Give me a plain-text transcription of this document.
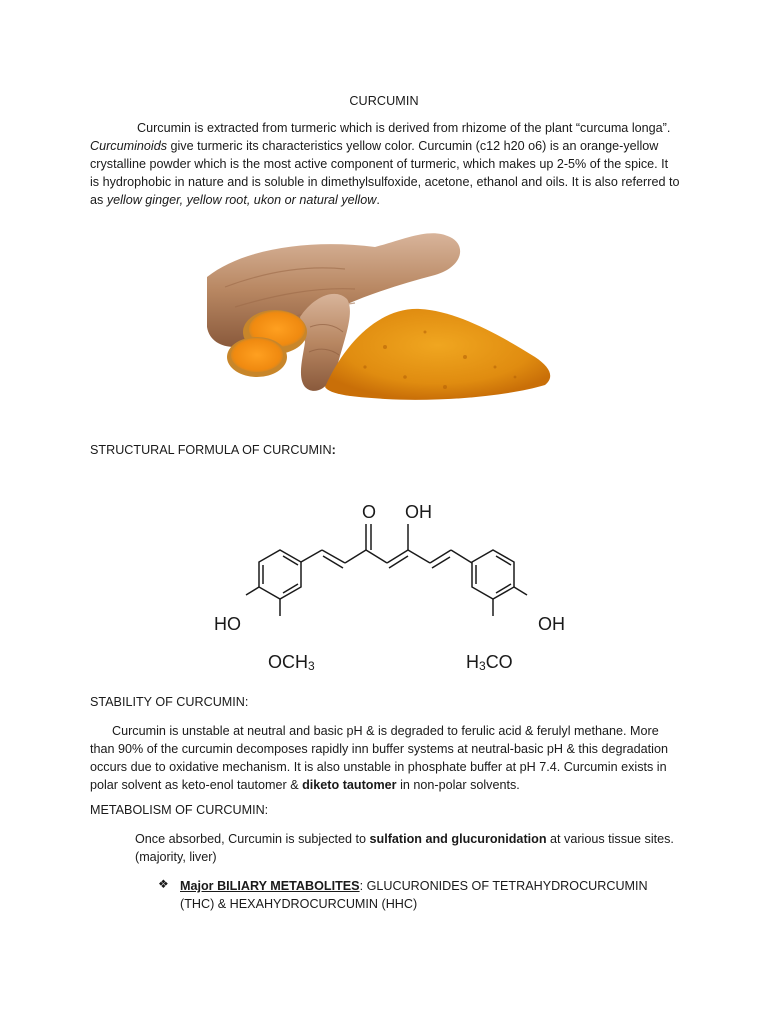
CURCUMIN

Curcumin is extracted from turmeric which is derived from rhizome of the plant “curcuma longa”. Curcuminoids give turmeric its characteristics yellow color. Curcumin (c12 h20 o6) is an orange-yellow crystalline powder which is the most active component of turmeric, which makes up 2-5% of the spice. It is hydrophobic in nature and is soluble in dimethylsulfoxide, acetone, ethanol and oils. It is also referred to as yellow ginger, yellow root, ukon or natural yellow.

STRUCTURAL FORMULA OF CURCUMIN:
O OH
HO	OH
OCH3	H3CO
STABILITY OF CURCUMIN:

Curcumin is unstable at neutral and basic pH & is degraded to ferulic acid & ferulyl methane. More than 90% of the curcumin decomposes rapidly inn buffer systems at neutral-basic pH & this degradation occurs due to oxidative mechanism. It is also unstable in phosphate buffer at pH 7.4. Curcumin exists in polar solvent as keto-enol tautomer & diketo tautomer in non-polar solvents.

METABOLISM OF CURCUMIN:

Once absorbed, Curcumin is subjected to sulfation and glucuronidation at various tissue sites. (majority, liver)

❖ Major BILIARY METABOLITES: GLUCURONIDES OF TETRAHYDROCURCUMIN (THC) & HEXAHYDROCURCUMIN (HHC)
